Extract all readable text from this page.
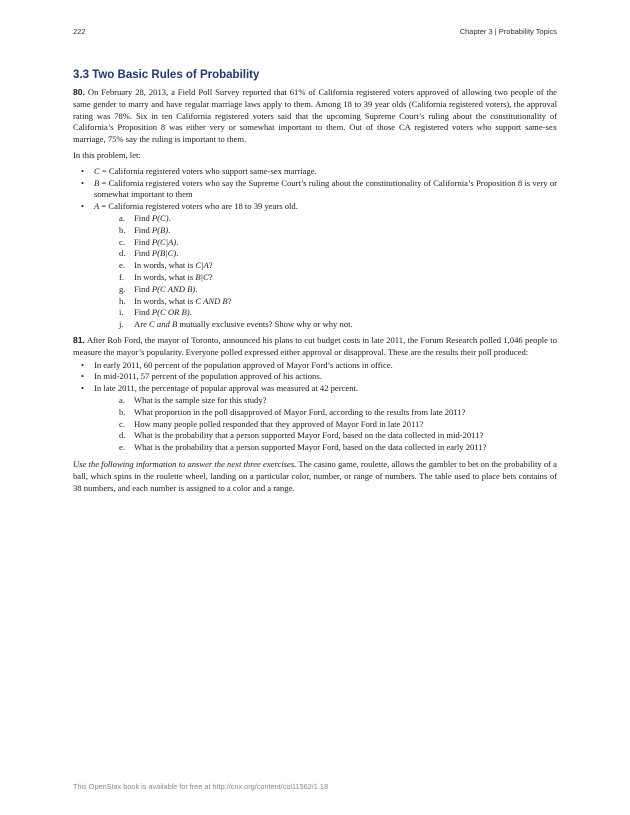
222	Chapter 3 | Probability Topics
3.3 Two Basic Rules of Probability

80. On February 28, 2013, a Field Poll Survey reported that 61% of California registered voters approved of allowing two people of the same gender to marry and have regular marriage laws apply to them. Among 18 to 39 year olds (California registered voters), the approval rating was 78%. Six in ten California registered voters said that the upcoming Supreme Court’s ruling about the constitutionality of California’s Proposition 8 was either very or somewhat important to them. Out of those CA registered voters who support same-sex marriage, 75% say the ruling is important to them.

In this problem, let:

• C = California registered voters who support same-sex marriage.
• B = California registered voters who say the Supreme Court’s ruling about the constitutionality of California’s Proposition 8 is very or somewhat important to them
• A = California registered voters who are 18 to 39 years old.
a. Find P(C).
b. Find P(B).
c. Find P(C|A).
d. Find P(B|C).
e. In words, what is C|A?
f. In words, what is B|C?
g. Find P(C AND B).
h. In words, what is C AND B?
i. Find P(C OR B).
j. Are C and B mutually exclusive events? Show why or why not.

81. After Rob Ford, the mayor of Toronto, announced his plans to cut budget costs in late 2011, the Forum Research polled 1,046 people to measure the mayor’s popularity. Everyone polled expressed either approval or disapproval. These are the results their poll produced:

• In early 2011, 60 percent of the population approved of Mayor Ford’s actions in office.
• In mid-2011, 57 percent of the population approved of his actions.
• In late 2011, the percentage of popular approval was measured at 42 percent.
a. What is the sample size for this study?
b. What proportion in the poll disapproved of Mayor Ford, according to the results from late 2011?
c. How many people polled responded that they approved of Mayor Ford in late 2011?
d. What is the probability that a person supported Mayor Ford, based on the data collected in mid-2011?
e. What is the probability that a person supported Mayor Ford, based on the data collected in early 2011?

Use the following information to answer the next three exercises. The casino game, roulette, allows the gambler to bet on the probability of a ball, which spins in the roulette wheel, landing on a particular color, number, or range of numbers. The table used to place bets contains of 38 numbers, and each number is assigned to a color and a range.

This OpenStax book is available for free at http://cnx.org/content/col11562/1.18
